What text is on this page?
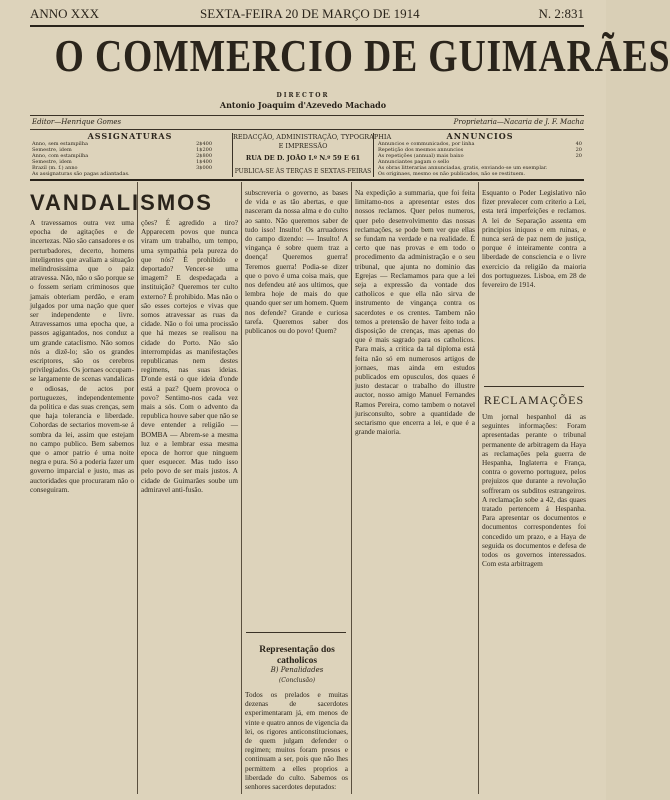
ANNO XXX	SEXTA-FEIRA 20 DE MARÇO DE 1914	N. 2:831
O COMMERCIO DE GUIMARÃES
DIRECTOR
Antonio Joaquim d'Azevedo Machado
Editor—Henrique Gomes	Proprietaria—Nacaria de J. F. Macha
ASSIGNATURAS
Anno, sem estampilha	2$400
Semestre, idem	1$200
Anno, com estampilha	2$800
Semestre, idem	1$400
Brazil (m. f.) anno	3$000
As assignaturas são pagas adiantadas.
REDACÇÃO, ADMINISTRAÇÃO, TYPOGRAPHIA
E IMPRESSÃO
RUA DE D. JOÃO I.º N.º 59 E 61
PUBLICA-SE ÀS TERÇAS E SEXTAS-FEIRAS
ANNUNCIOS
Annuncios e communicados, por linha	40
Repetição dos mesmos annuncios	20
As repetições (annual) mais baixo	20
Annunciantes pagam o sello
As obras litterarias annunciadas, gratis, enviando-se um exemplar.
Os originaes, mesmo os não publicados, não se restituem.
VANDALISMOS

A travessamos outra vez uma epocha de agitações e de incertezas. Não são cansadores e os perturbadores, decerto, homens inteligentes que avaliam a situação melindrosissima que o paiz atravessa. Não, não o são porque se o fossem seriam criminosos que jamais obteriam perdão, e eram julgados por uma nação que quer ser independente e livre. Atravessamos uma epocha que, a passos agigantados, nos conduz a um grande cataclismo. Não somos nós a dizê-lo; são os grandes escriptores, são os cerebros privilegiados. Os jornaes occupam-se largamente de scenas vandalicas e odiosas, de actos por portuguezes, independentemente da politica e das suas crenças, sem que haja tolerancia e liberdade. Cohordas de sectarios movem-se á sombra da lei, assim que estejam no campo publico. Bem sabemos que o amor patrio é uma noite negra e pura. Só a poderia fazer um governo imparcial e justo, mas as auctoridades que procuraram não o conseguiram.

ções? É agredido a tiro? Apparecem povos que nunca viram um trabalho, um tempo, uma sympathia pela pureza do que nós? É prohibido e deportado? Vencer-se uma imagem? E despedaçada a instituição? Queremos ter culto externo? É prohibido. Mas não o são esses cortejos e vivas que somos atravessar as ruas da cidade. Não o foi uma procissão que há mezes se realisou na cidade do Porto. Não são interrompidas as manifestações republicanas nem destes regimens, nas suas ideias. D'onde está o que ideia d'onde está a paz? Quem provoca o povo? Sentimo-nos cada vez mais a sós. Com o advento da republica houve saber que não se deve entender a religião — BOMBA — Abrem-se a mesma luz e a lembrar essa mesma epoca de horror que ninguem quer esquecer. Mas tudo isso pelo povo de ser mais justos. A cidade de Guimarães soube um admiravel anti-fusão.

subscreveria o governo, as bases de vida e as tão abertas, e que nasceram da nossa alma e do culto ao santo. Não queremos saber de tudo isso! Insulto! Os arruadores do campo dizendo: — Insulto! A vingança é sobre quem traz a doença! Queremos guerra! Teremos guerra! Podia-se dizer que o povo é uma coisa mais, que nos defendeu até aos ultimos, que lembra hoje de mais do que quando quer ser um homem. Quem nos defende? Grande e curiosa tarefa. Queremos saber dos publicanos ou do povo! Quem?

Representação dos catholicos
B) Penalidades
(Conclusão)

Todos os prelados e muitas dezenas de sacerdotes experimentaram já, em menos de vinte e quatro annos de vigencia da lei, os rigores anticonstitucionaes, de quem julgam defender o regimen; muitos foram presos e continuam a ser, pois que não lhes permittem a elles proprios a liberdade do culto. Sabemos os senhores sacerdotes deputados:

Na expedição a summaria, que foi feita limitamo-nos a apresentar estes dos nossos reclamos. Quer pelos numeros, quer pelo desenvolvimento das nossas reclamações, se pode bem ver que ellas se fundam na verdade e na realidade. É certo que nas provas e em todo o procedimento da administração e o seu tribunal, que ajunta no dominio das Egrejas — Reclamamos para que a lei seja a expressão da vontade dos catholicos e que ella não sirva de instrumento de vingança contra os sacerdotes e os crentes. Tambem não temos a pretensão de haver feito toda a disposição de crenças, mas apenas do que é mais sagrado para os catholicos. Para mais, a critica da tal diploma está feita não só em numerosos artigos de jornaes, mas ainda em estudos publicados em opusculos, dos quaes é justo destacar o trabalho do illustre auctor, nosso amigo Manuel Fernandes Ramos Pereira, como tambem o notavel jurisconsulto, sobre a quantidade de sectarismo que encerra a lei, e que é a grande maioria.

Esquanto o Poder Legislativo não fizer prevalecer com criterio a Lei, esta terá imperfeições e reclamos. A lei de Separação assenta em principios iniquos e em ruinas, e nunca será de paz nem de justiça, porque é inteiramente contra a liberdade de consciencia e o livre exercicio da religião da maioria dos portuguezes. Lisboa, em 28 de fevereiro de 1914.

RECLAMAÇÕES

Um jornal hespanhol dá as seguintes informações: Foram apresentadas perante o tribunal permanente de arbitragem da Haya as reclamações pela guerra de Hespanha, Inglaterra e França, contra o governo portuguez, pelos prejuizos que durante a revolução soffreram os subditos estrangeiros. A reclamação sobe a 42, das quaes tratado pertencem á Hespanha. Para apresentar os documentos e documentos correspondentes foi concedido um prazo, e a Haya de seguida os documentos e defesa de todos os governos interessados. Com esta arbitragem
